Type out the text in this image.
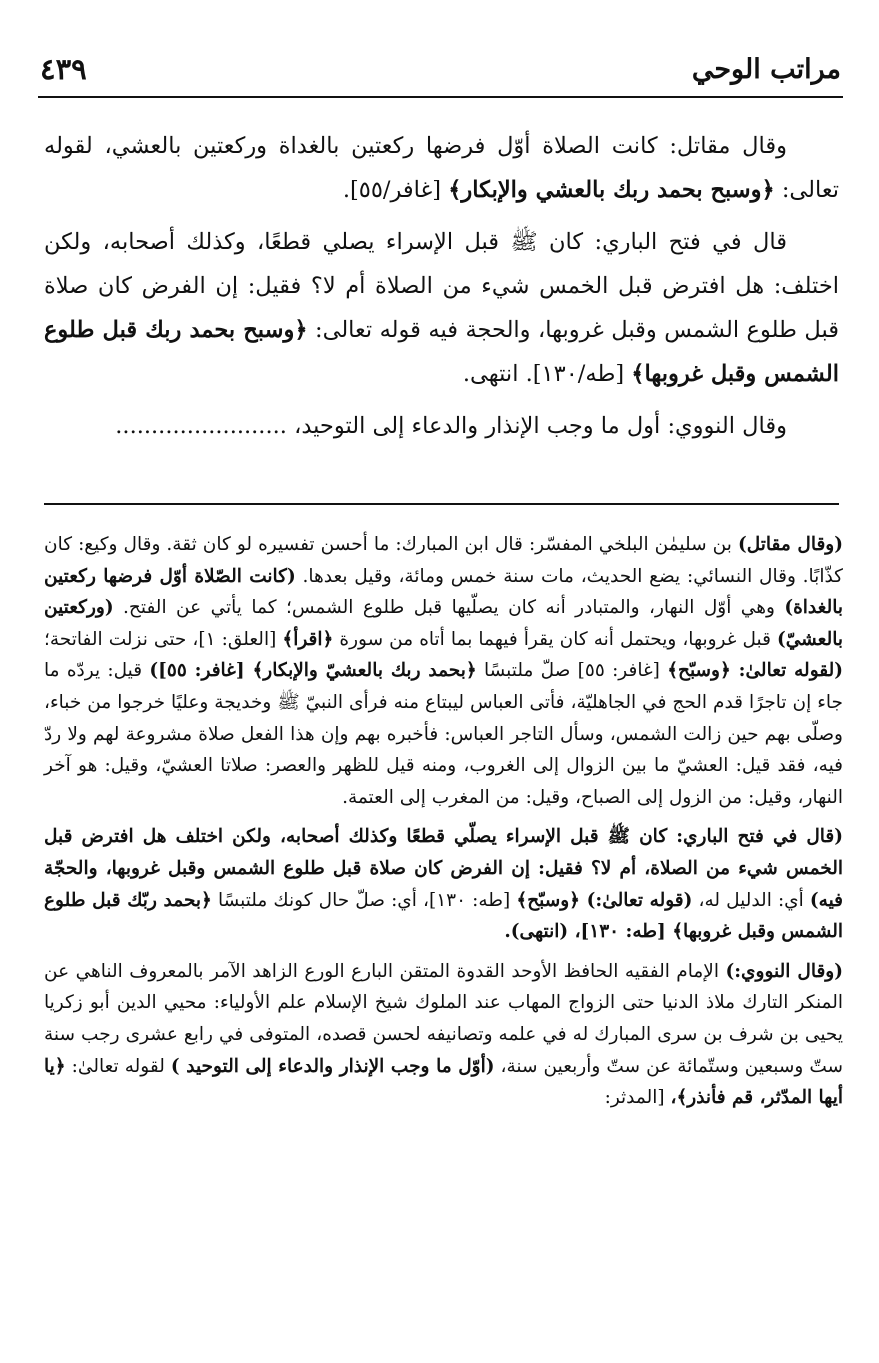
مراتب الوحي
٤٣٩

وقال مقاتل: كانت الصلاة أوّل فرضها ركعتين بالغداة وركعتين بالعشي، لقوله تعالى: ﴿وسبح بحمد ربك بالعشي والإبكار﴾ [غافر/٥٥].

قال في فتح الباري: كان ﷺ قبل الإسراء يصلي قطعًا، وكذلك أصحابه، ولكن اختلف: هل افترض قبل الخمس شيء من الصلاة أم لا؟ فقيل: إن الفرض كان صلاة قبل طلوع الشمس وقبل غروبها، والحجة فيه قوله تعالى: ﴿وسبح بحمد ربك قبل طلوع الشمس وقبل غروبها﴾ [طه/١٣٠]. انتهى.

وقال النووي: أول ما وجب الإنذار والدعاء إلى التوحيد، ........................

(وقال مقاتل) بن سليمٰن البلخي المفسّر: قال ابن المبارك: ما أحسن تفسيره لو كان ثقة. وقال وكيع: كان كذّابًا. وقال النسائي: يضع الحديث، مات سنة خمس ومائة، وقيل بعدها. (كانت الصّلاة أوّل فرضها ركعتين بالغداة) وهي أوّل النهار، والمتبادر أنه كان يصلّيها قبل طلوع الشمس؛ كما يأتي عن الفتح. (وركعتين بالعشيّ) قبل غروبها، ويحتمل أنه كان يقرأ فيهما بما أتاه من سورة ﴿اقرأ﴾ [العلق: ١]، حتى نزلت الفاتحة؛ (لقوله تعالىٰ: ﴿وسبّح﴾ [غافر: ٥٥] صلّ ملتبسًا ﴿بحمد ربك بالعشيّ والإبكار﴾ [غافر: ٥٥]) قيل: يردّه ما جاء إن تاجرًا قدم الحج في الجاهليّة، فأتى العباس ليبتاع منه فرأى النبيّ ﷺ وخديجة وعليًا خرجوا من خباء، وصلّى بهم حين زالت الشمس، وسأل التاجر العباس: فأخبره بهم وإن هذا الفعل صلاة مشروعة لهم ولا ردّ فيه، فقد قيل: العشيّ ما بين الزوال إلى الغروب، ومنه قيل للظهر والعصر: صلاتا العشيّ، وقيل: هو آخر النهار، وقيل: من الزول إلى الصباح، وقيل: من المغرب إلى العتمة.

(قال في فتح الباري: كان ﷺ قبل الإسراء يصلّي قطعًا وكذلك أصحابه، ولكن اختلف هل افترض قبل الخمس شيء من الصلاة، أم لا؟ فقيل: إن الفرض كان صلاة قبل طلوع الشمس وقبل غروبها، والحجّة فيه) أي: الدليل له، (قوله تعالىٰ:) ﴿وسبّح﴾ [طه: ١٣٠]، أي: صلّ حال كونك ملتبسًا ﴿بحمد ربّك قبل طلوع الشمس وقبل غروبها﴾ [طه: ١٣٠]، (انتهى).

(وقال النووي:) الإمام الفقيه الحافظ الأوحد القدوة المتقن البارع الورع الزاهد الآمر بالمعروف الناهي عن المنكر التارك ملاذ الدنيا حتى الزواج المهاب عند الملوك شيخ الإسلام علم الأولياء: محيي الدين أبو زكريا يحيى بن شرف بن سرى المبارك له في علمه وتصانيفه لحسن قصده، المتوفى في رابع عشرى رجب سنة ستّ وسبعين وستّمائة عن ستّ وأربعين سنة، (أوّل ما وجب الإنذار والدعاء إلى التوحيد ) لقوله تعالىٰ: ﴿يا أيها المدّثر، قم فأنذر﴾، [المدثر:
